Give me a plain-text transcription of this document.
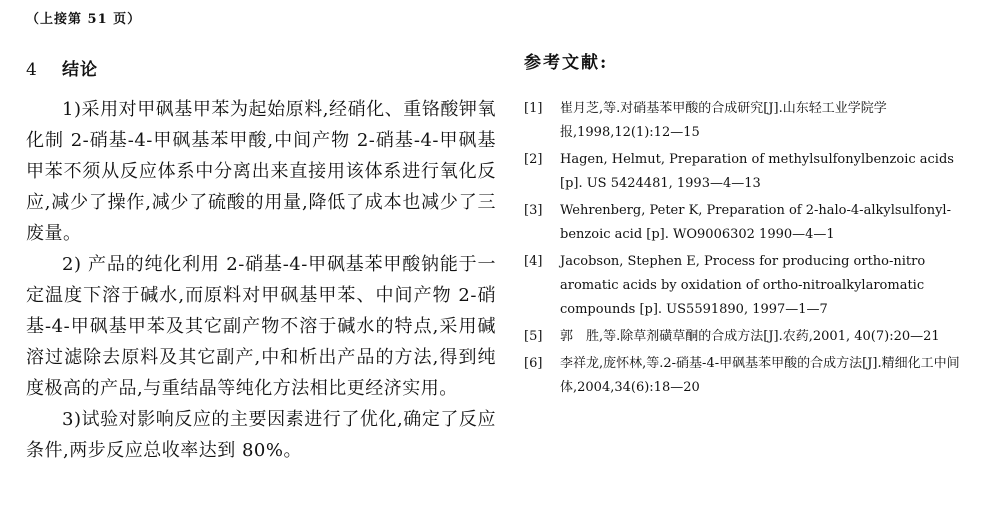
（上接第 51 页）
4 结论

1)采用对甲砜基甲苯为起始原料,经硝化、重铬酸钾氧化制 2-硝基-4-甲砜基苯甲酸,中间产物 2-硝基-4-甲砜基甲苯不须从反应体系中分离出来直接用该体系进行氧化反应,减少了操作,减少了硫酸的用量,降低了成本也减少了三废量。

2) 产品的纯化利用 2-硝基-4-甲砜基苯甲酸钠能于一定温度下溶于碱水,而原料对甲砜基甲苯、中间产物 2-硝基-4-甲砜基甲苯及其它副产物不溶于碱水的特点,采用碱溶过滤除去原料及其它副产,中和析出产品的方法,得到纯度极高的产品,与重结晶等纯化方法相比更经济实用。

3)试验对影响反应的主要因素进行了优化,确定了反应条件,两步反应总收率达到 80%。

参考文献:
[1]	崔月芝,等.对硝基苯甲酸的合成研究[J].山东轻工业学院学报,1998,12(1):12—15
[2]	Hagen, Helmut, Preparation of methylsulfonylbenzoic acids [p]. US 5424481, 1993—4—13
[3]	Wehrenberg, Peter K, Preparation of 2-halo-4-alkylsulfonyl-benzoic acid [p]. WO9006302 1990—4—1
[4]	Jacobson, Stephen E, Process for producing ortho-nitro aromatic acids by oxidation of ortho-nitroalkylaromatic compounds [p]. US5591890, 1997—1—7
[5]	郭　胜,等.除草剂磺草酮的合成方法[J].农药,2001, 40(7):20—21
[6]	李祥龙,庞怀林,等.2-硝基-4-甲砜基苯甲酸的合成方法[J].精细化工中间体,2004,34(6):18—20
